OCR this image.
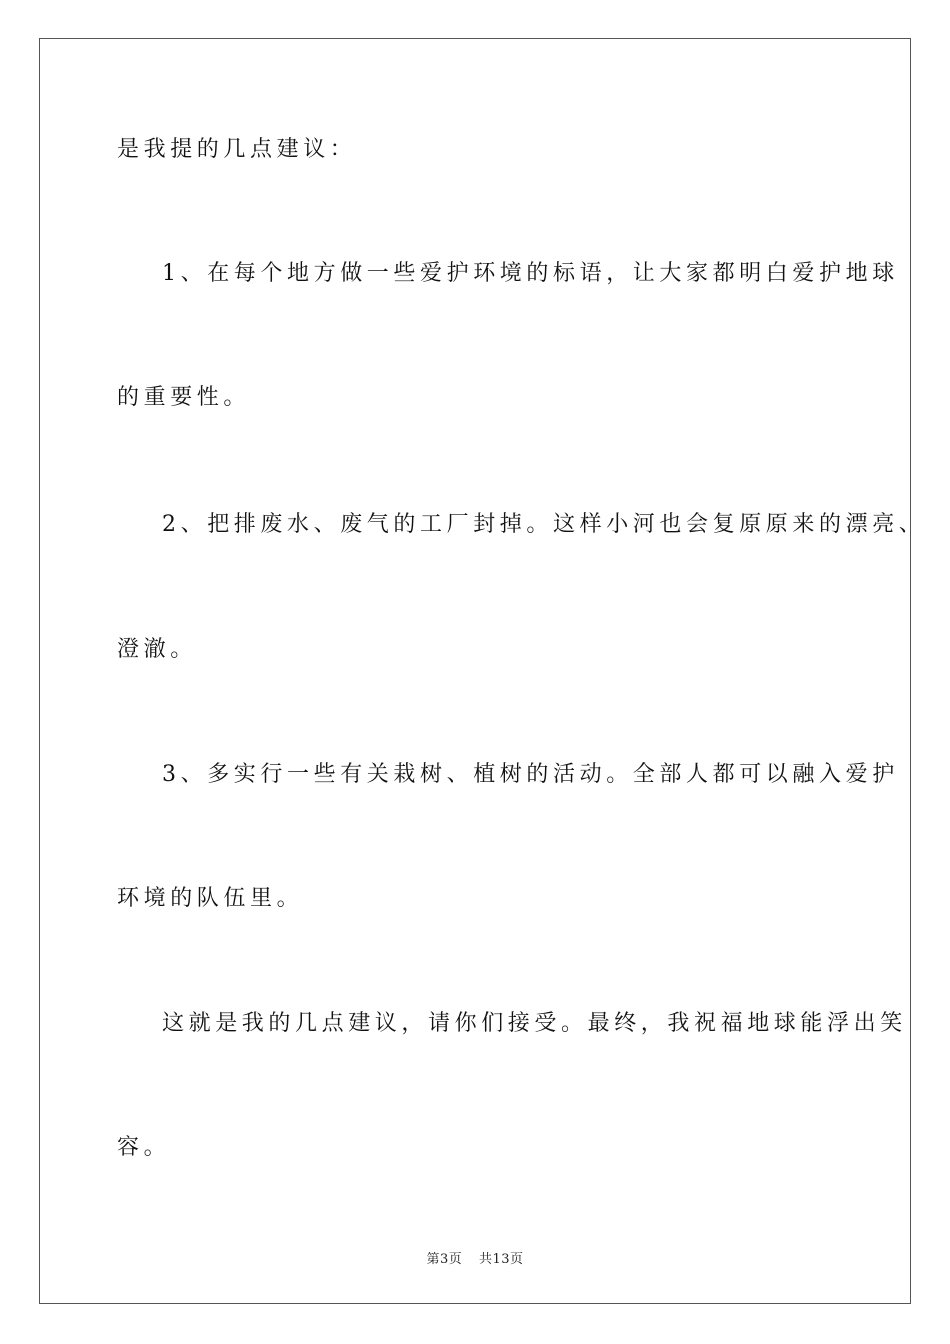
是我提的几点建议：
1、在每个地方做一些爱护环境的标语，让大家都明白爱护地球
的重要性。
2、把排废水、废气的工厂封掉。这样小河也会复原原来的漂亮、
澄澈。
3、多实行一些有关栽树、植树的活动。全部人都可以融入爱护
环境的队伍里。
这就是我的几点建议，请你们接受。最终，我祝福地球能浮出笑
容。
第3页 共13页
